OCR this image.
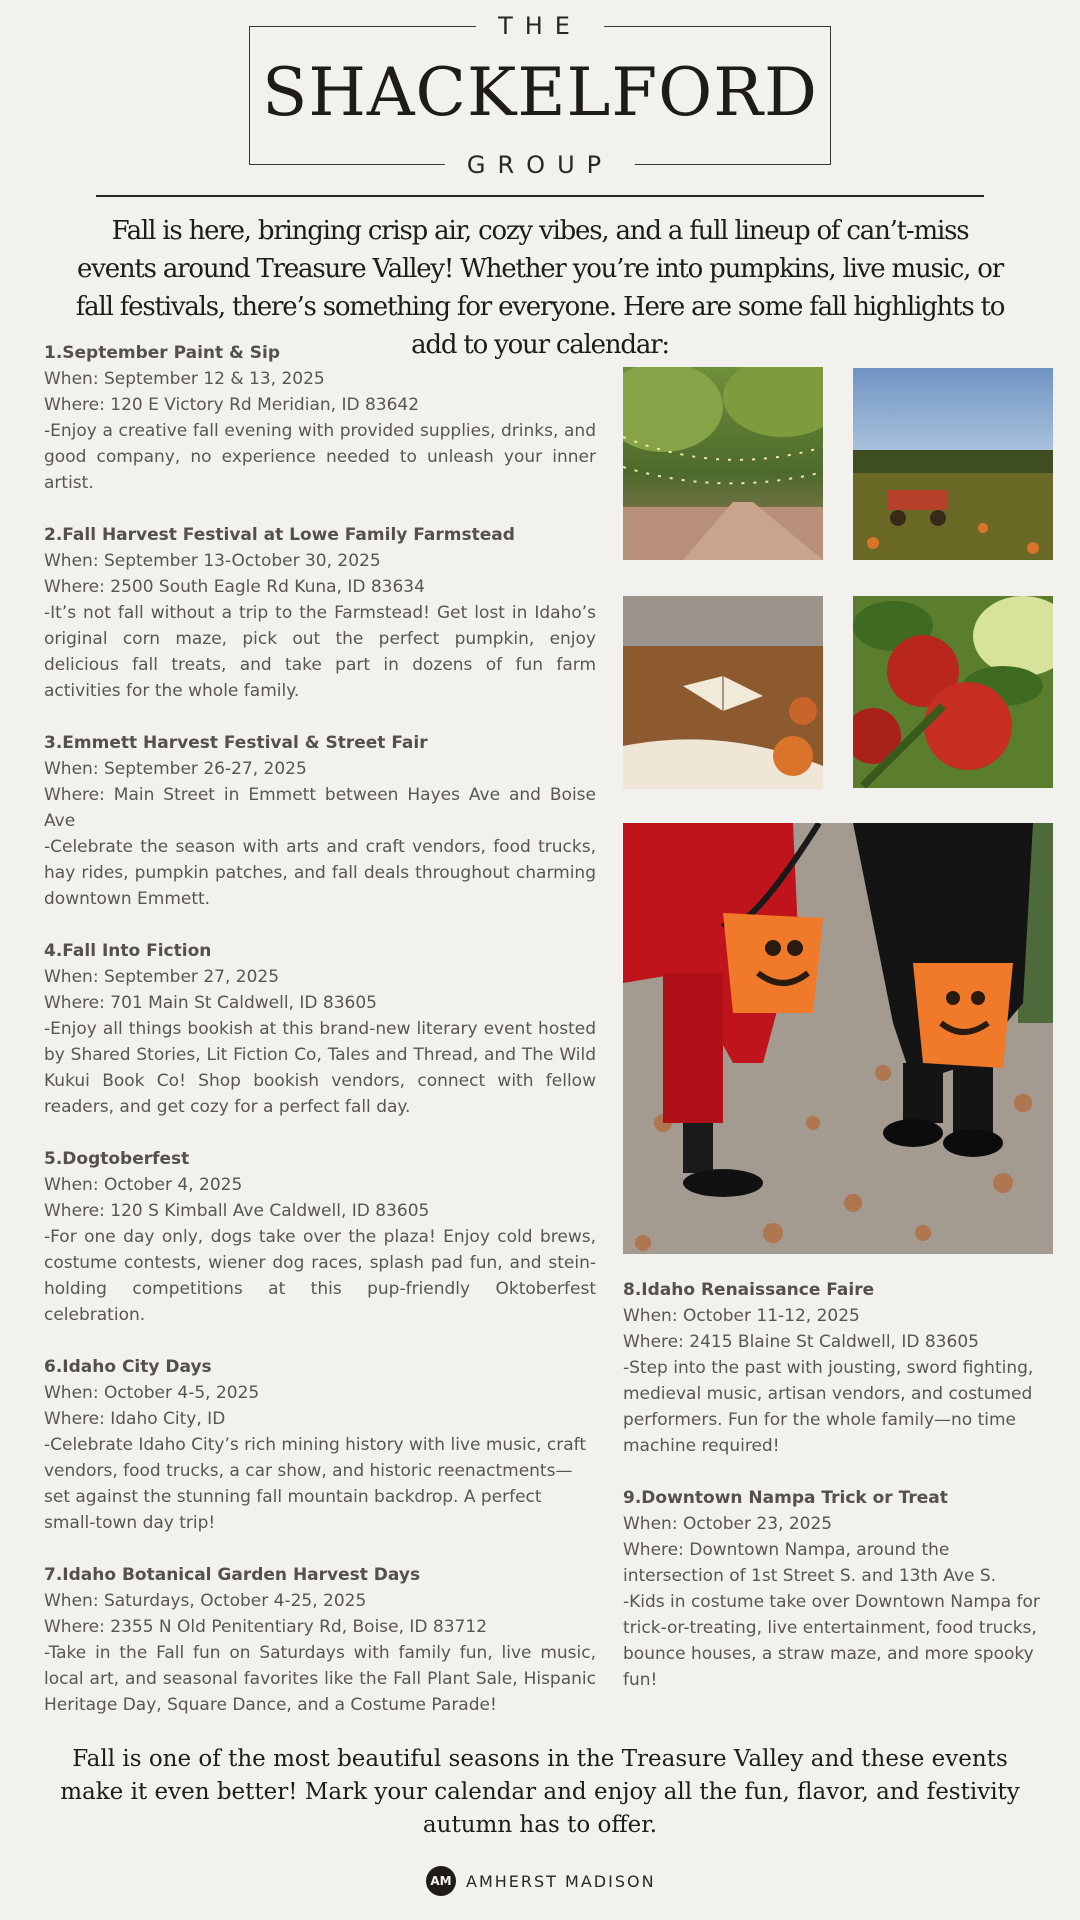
THE
SHACKELFORD
GROUP
Fall is here, bringing crisp air, cozy vibes, and a full lineup of can’t-miss events around Treasure Valley! Whether you’re into pumpkins, live music, or fall festivals, there’s something for everyone. Here are some fall highlights to add to your calendar:
1.September Paint & Sip
When: September 12 & 13, 2025
Where: 120 E Victory Rd Meridian, ID 83642
-Enjoy a creative fall evening with provided supplies, drinks, and good company, no experience needed to unleash your inner artist.
2.Fall Harvest Festival at Lowe Family Farmstead
When: September 13-October 30, 2025
Where: 2500 South Eagle Rd Kuna, ID 83634
-It’s not fall without a trip to the Farmstead! Get lost in Idaho’s original corn maze, pick out the perfect pumpkin, enjoy delicious fall treats, and take part in dozens of fun farm activities for the whole family.
3.Emmett Harvest Festival & Street Fair
When: September 26-27, 2025
Where: Main Street in Emmett between Hayes Ave and Boise Ave
-Celebrate the season with arts and craft vendors, food trucks, hay rides, pumpkin patches, and fall deals throughout charming downtown Emmett.
4.Fall Into Fiction
When: September 27, 2025
Where: 701 Main St Caldwell, ID 83605
-Enjoy all things bookish at this brand-new literary event hosted by Shared Stories, Lit Fiction Co, Tales and Thread, and The Wild Kukui Book Co! Shop bookish vendors, connect with fellow readers, and get cozy for a perfect fall day.
5.Dogtoberfest
When: October 4, 2025
Where: 120 S Kimball Ave Caldwell, ID 83605
-For one day only, dogs take over the plaza! Enjoy cold brews, costume contests, wiener dog races, splash pad fun, and stein-holding competitions at this pup-friendly Oktoberfest celebration.
6.Idaho City Days
When: October 4-5, 2025
Where: Idaho City, ID
-Celebrate Idaho City’s rich mining history with live music, craft vendors, food trucks, a car show, and historic reenactments—set against the stunning fall mountain backdrop. A perfect small-town day trip!
7.Idaho Botanical Garden Harvest Days
When: Saturdays, October 4-25, 2025
Where: 2355 N Old Penitentiary Rd, Boise, ID 83712
-Take in the Fall fun on Saturdays with family fun, live music, local art, and seasonal favorites like the Fall Plant Sale, Hispanic Heritage Day, Square Dance, and a Costume Parade!
8.Idaho Renaissance Faire
When: October 11-12, 2025
Where: 2415 Blaine St Caldwell, ID 83605
-Step into the past with jousting, sword fighting, medieval music, artisan vendors, and costumed performers. Fun for the whole family—no time machine required!
9.Downtown Nampa Trick or Treat
When: October 23, 2025
Where: Downtown Nampa, around the intersection of 1st Street S. and 13th Ave S.
-Kids in costume take over Downtown Nampa for trick-or-treating, live entertainment, food trucks, bounce houses, a straw maze, and more spooky fun!
Fall is one of the most beautiful seasons in the Treasure Valley and these events make it even better! Mark your calendar and enjoy all the fun, flavor, and festivity autumn has to offer.
AM AMHERST MADISON
